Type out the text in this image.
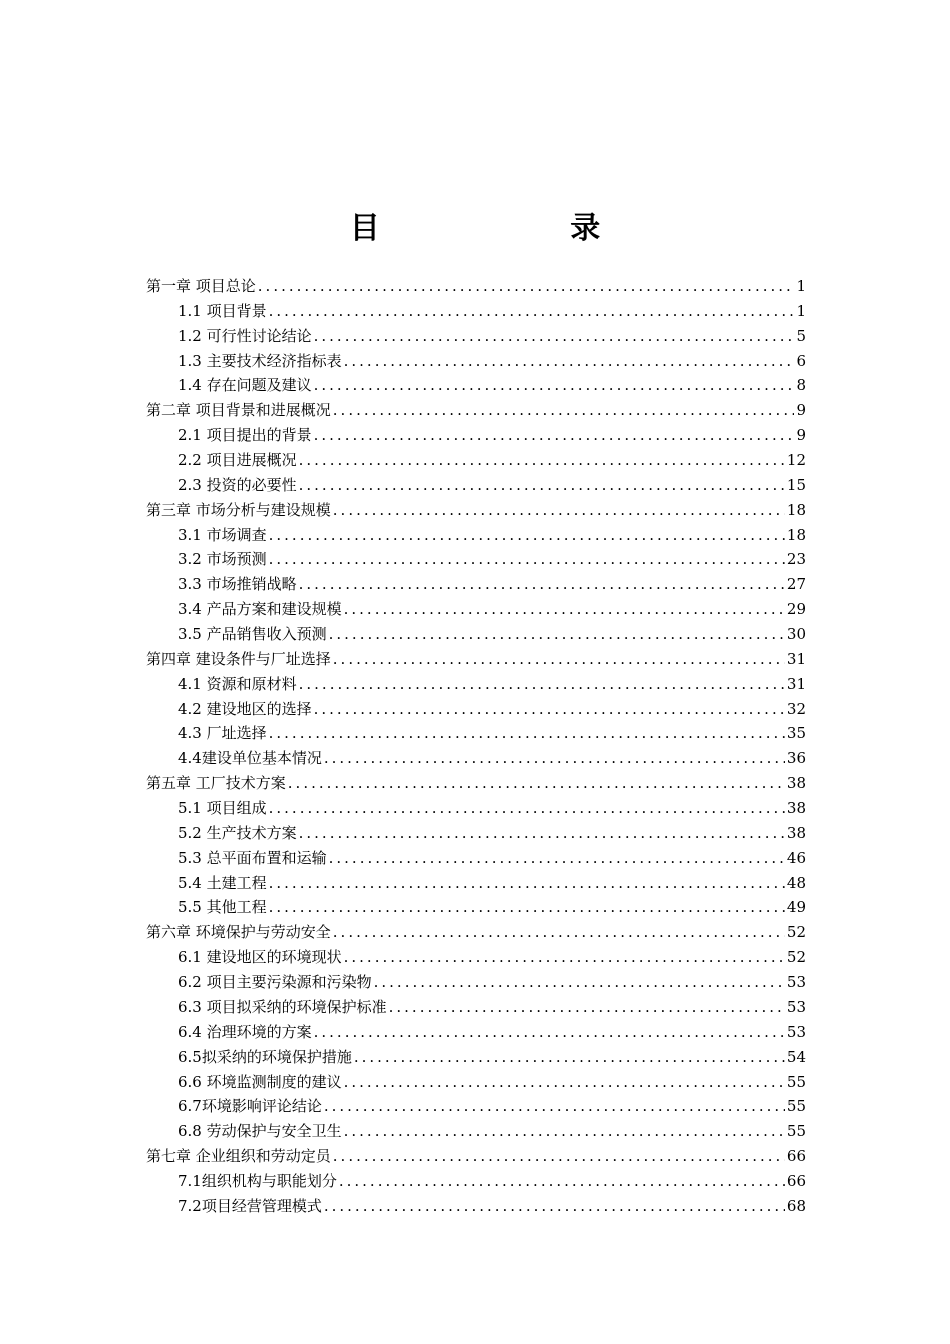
目 录
第一章 项目总论 .....	1
1.1 项目背景 .....	1
1.2 可行性讨论结论 .....	5
1.3 主要技术经济指标表 .....	6
1.4 存在问题及建议 .....	8
第二章 项目背景和进展概况 .....	9
2.1 项目提出的背景 .....	9
2.2 项目进展概况 .....	12
2.3 投资的必要性 .....	15
第三章 市场分析与建设规模 .....	18
3.1 市场调查 .....	18
3.2 市场预测 .....	23
3.3 市场推销战略 .....	27
3.4 产品方案和建设规模 .....	29
3.5 产品销售收入预测 .....	30
第四章 建设条件与厂址选择 .....	31
4.1 资源和原材料 .....	31
4.2 建设地区的选择 .....	32
4.3 厂址选择 .....	35
4.4建设单位基本情况 .....	36
第五章 工厂技术方案 .....	38
5.1 项目组成 .....	38
5.2 生产技术方案 .....	38
5.3 总平面布置和运输 .....	46
5.4 土建工程 .....	48
5.5 其他工程 .....	49
第六章 环境保护与劳动安全 .....	52
6.1 建设地区的环境现状 .....	52
6.2 项目主要污染源和污染物 .....	53
6.3 项目拟采纳的环境保护标准 .....	53
6.4 治理环境的方案 .....	53
6.5拟采纳的环境保护措施 .....	54
6.6 环境监测制度的建议 .....	55
6.7环境影响评论结论 .....	55
6.8 劳动保护与安全卫生 .....	55
第七章 企业组织和劳动定员 .....	66
7.1组织机构与职能划分 .....	66
7.2项目经营管理模式 .....	68
